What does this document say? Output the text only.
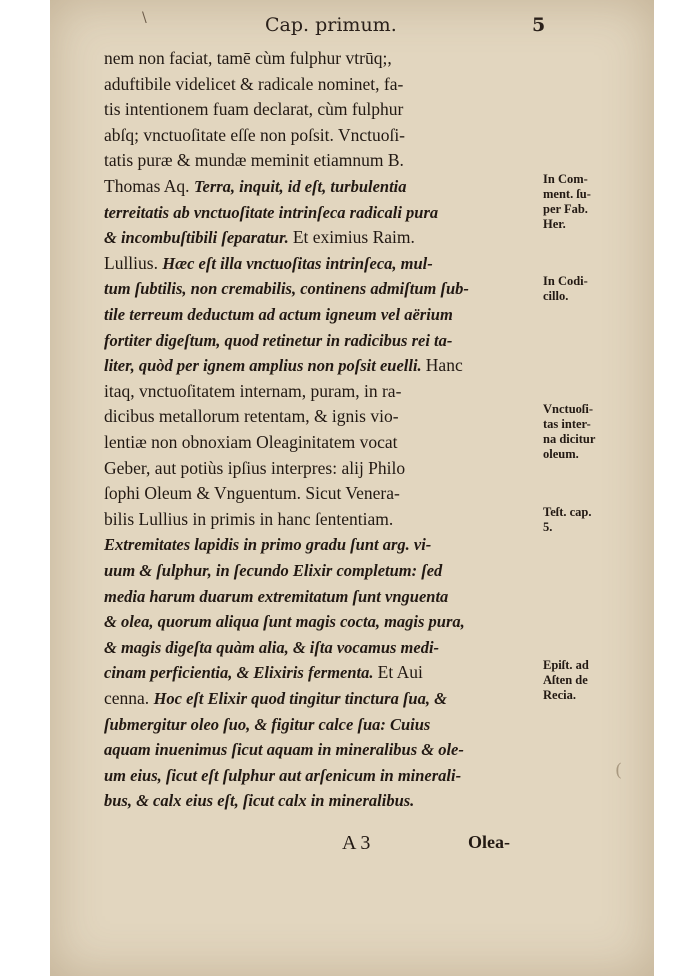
\	Cap. primum.	5
nem non faciat, tamē cùm fulphur vtrūq;,
aduftibile videlicet & radicale nominet, fa-
tis intentionem fuam declarat, cùm fulphur
abſq; vnctuoſitate eſſe non poſsit. Vnctuoſi-
tatis puræ & mundæ meminit etiamnum B.
Thomas Aq. Terra, inquit, id eſt, turbulentia
terreitatis ab vnctuoſitate intrinſeca radicali pura
& incombuſtibili ſeparatur. Et eximius Raim.
Lullius. Hæc eſt illa vnctuoſitas intrinſeca, mul-
tum ſubtilis, non cremabilis, continens admiſtum ſub-
tile terreum deductum ad actum igneum vel aërium
fortiter digeſtum, quod retinetur in radicibus rei ta-
liter, quòd per ignem amplius non poſsit euelli. Hanc
itaq, vnctuoſitatem internam, puram, in ra-
dicibus metallorum retentam, & ignis vio-
lentiæ non obnoxiam Oleaginitatem vocat
Geber, aut potiùs ipſius interpres: alij Philo
ſophi Oleum & Vnguentum. Sicut Venera-
bilis Lullius in primis in hanc ſententiam.
Extremitates lapidis in primo gradu ſunt arg. vi-
uum & ſulphur, in ſecundo Elixir completum: ſed
media harum duarum extremitatum ſunt vnguenta
& olea, quorum aliqua ſunt magis cocta, magis pura,
& magis digeſta quàm alia, & iſta vocamus medi-
cinam perficientia, & Elixiris fermenta. Et Aui
cenna. Hoc eſt Elixir quod tingitur tinctura ſua, &
ſubmergitur oleo ſuo, & figitur calce ſua: Cuius
aquam inuenimus ſicut aquam in mineralibus & ole-
um eius, ſicut eſt ſulphur aut arſenicum in minerali-
bus, & calx eius eſt, ſicut calx in mineralibus.
In Com-
ment. ſu-
per Fab.
Her.
In Codi-
cillo.
Vnctuoſi-
tas inter-
na dicitur
oleum.
Teſt. cap.
5.
Epiſt. ad
Aſten de
Recia.
(
A 3	Olea-
